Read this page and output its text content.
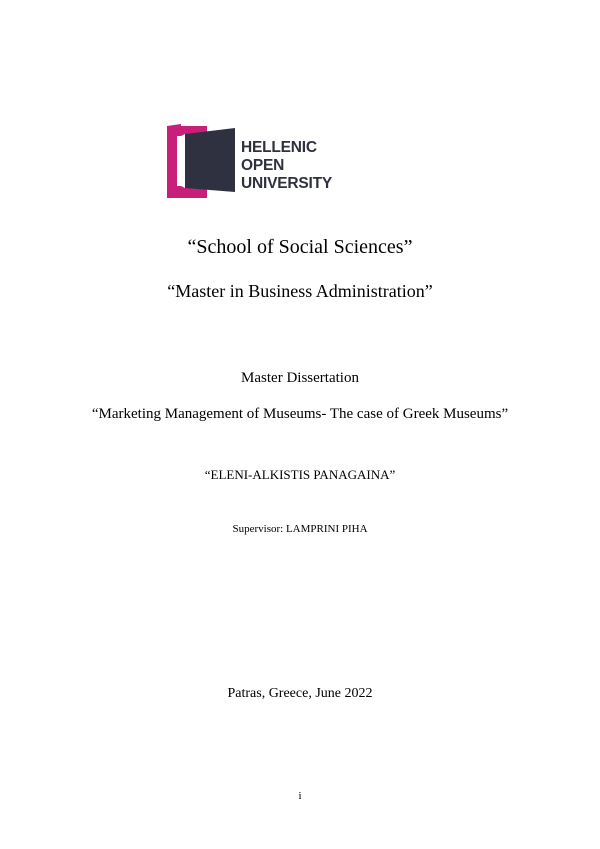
HELLENIC
OPEN
UNIVERSITY
“School of Social Sciences”
“Master in Business Administration”
Master Dissertation
“Marketing Management of Museums- The case of Greek Museums”
“ELENI-ALKISTIS PANAGAINA”
Supervisor: LAMPRINI PIHA
Patras, Greece, June 2022
i
